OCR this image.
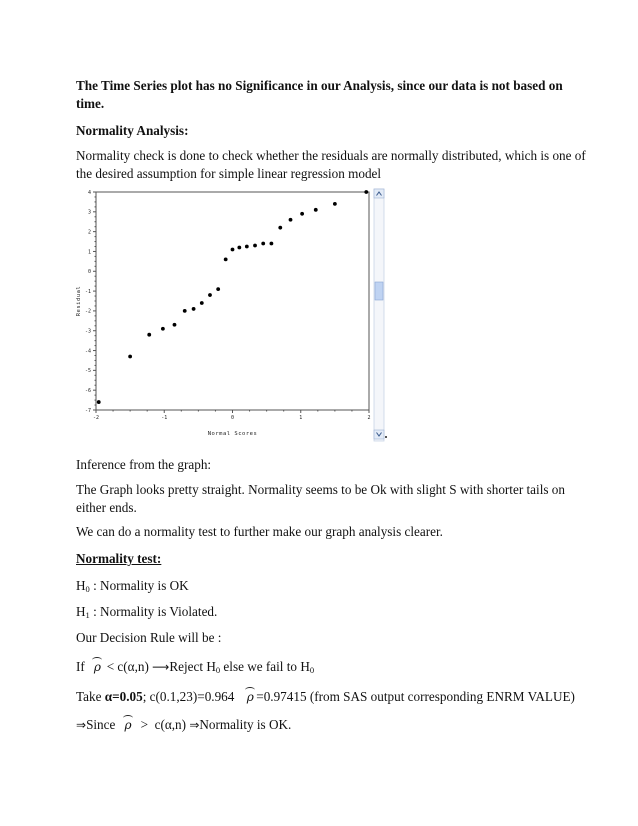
The Time Series plot has no Significance in our Analysis, since our data is not based on

time.

Normality Analysis:

Normality check is done to check whether the residuals are normally distributed, which is one of

the desired assumption for simple linear regression model

4
3
2
1
0
-1
-2
-3
-4
-5
-6
-7
-2	-1	0	1	2
Normal Scores
Residual

Inference from the graph:

The Graph looks pretty straight. Normality seems to be Ok with slight S with shorter tails on

either ends.

We can do a normality test to further make our graph analysis clearer.

Normality test:

$H_0$ : Normality is OK

$H_1$ : Normality is Violated.

Our Decision Rule will be :

If ρ < c(α,n) ⟶Reject $H_0$ else we fail to $H_0$

Take α=0.05; c(0.1,23)=0.964 ρ =0.97415 (from SAS output corresponding ENRM VALUE)

⇒Since ρ > c(α,n) ⇒Normality is OK.
